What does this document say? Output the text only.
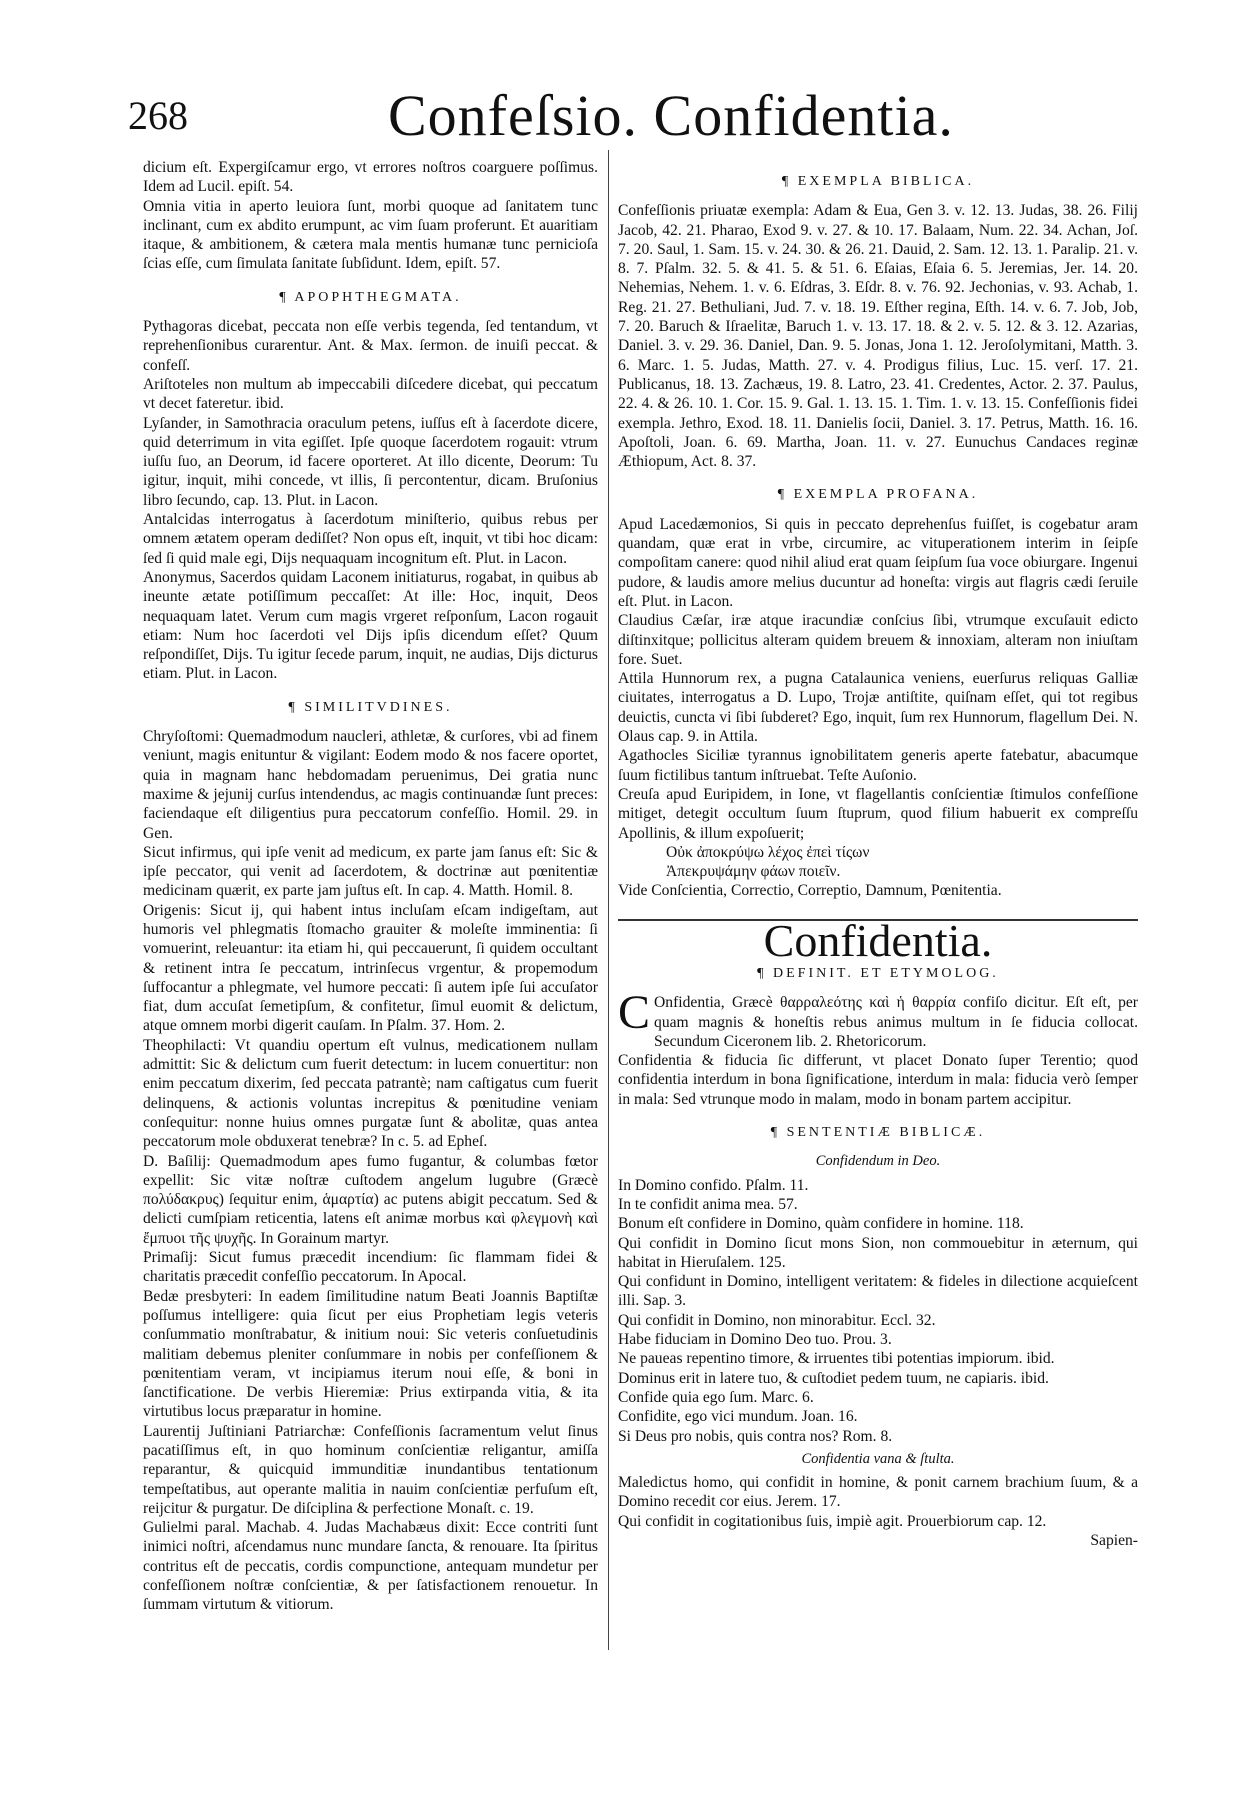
268	Confeſsio. Confidentia.

dicium eſt. Expergiſcamur ergo, vt errores noſtros coarguere poſſimus. Idem ad Lucil. epiſt. 54.

Omnia vitia in aperto leuiora ſunt, morbi quoque ad ſanitatem tunc inclinant, cum ex abdito erumpunt, ac vim ſuam proferunt. Et auaritiam itaque, & ambitionem, & cætera mala mentis humanæ tunc pernicioſa ſcias eſſe, cum ſimulata ſanitate ſubſidunt. Idem, epiſt. 57.

¶ APOPHTHEGMATA.

Pythagoras dicebat, peccata non eſſe verbis tegenda, ſed tentandum, vt reprehenſionibus curarentur. Ant. & Max. ſermon. de inuiſi peccat. & confeſſ.

Ariſtoteles non multum ab impeccabili diſcedere dicebat, qui peccatum vt decet fateretur. ibid.

Lyſander, in Samothracia oraculum petens, iuſſus eſt à ſacerdote dicere, quid deterrimum in vita egiſſet. Ipſe quoque ſacerdotem rogauit: vtrum iuſſu ſuo, an Deorum, id facere oporteret. At illo dicente, Deorum: Tu igitur, inquit, mihi concede, vt illis, ſi percontentur, dicam. Bruſonius libro ſecundo, cap. 13. Plut. in Lacon.

Antalcidas interrogatus à ſacerdotum miniſterio, quibus rebus per omnem ætatem operam dediſſet? Non opus eſt, inquit, vt tibi hoc dicam: ſed ſi quid male egi, Dijs nequaquam incognitum eſt. Plut. in Lacon.

Anonymus, Sacerdos quidam Laconem initiaturus, rogabat, in quibus ab ineunte ætate potiſſimum peccaſſet: At ille: Hoc, inquit, Deos nequaquam latet. Verum cum magis vrgeret reſponſum, Lacon rogauit etiam: Num hoc ſacerdoti vel Dijs ipſis dicendum eſſet? Quum reſpondiſſet, Dijs. Tu igitur ſecede parum, inquit, ne audias, Dijs dicturus etiam. Plut. in Lacon.

¶ SIMILITVDINES.

Chryſoſtomi: Quemadmodum naucleri, athletæ, & curſores, vbi ad finem veniunt, magis enituntur & vigilant: Eodem modo & nos facere oportet, quia in magnam hanc hebdomadam peruenimus, Dei gratia nunc maxime & jejunij curſus intendendus, ac magis continuandæ ſunt preces: faciendaque eſt diligentius pura peccatorum confeſſio. Homil. 29. in Gen.

Sicut infirmus, qui ipſe venit ad medicum, ex parte jam ſanus eſt: Sic & ipſe peccator, qui venit ad ſacerdotem, & doctrinæ aut pœnitentiæ medicinam quærit, ex parte jam juſtus eſt. In cap. 4. Matth. Homil. 8.

Origenis: Sicut ij, qui habent intus incluſam eſcam indigeſtam, aut humoris vel phlegmatis ſtomacho grauiter & moleſte imminentia: ſi vomuerint, releuantur: ita etiam hi, qui peccauerunt, ſi quidem occultant & retinent intra ſe peccatum, intrinſecus vrgentur, & propemodum ſuffocantur a phlegmate, vel humore peccati: ſi autem ipſe ſui accuſator fiat, dum accuſat ſemetipſum, & confitetur, ſimul euomit & delictum, atque omnem morbi digerit cauſam. In Pſalm. 37. Hom. 2.

Theophilacti: Vt quandiu opertum eſt vulnus, medicationem nullam admittit: Sic & delictum cum fuerit detectum: in lucem conuertitur: non enim peccatum dixerim, ſed peccata patrantè; nam caſtigatus cum fuerit delinquens, & actionis voluntas increpitus & pœnitudine veniam conſequitur: nonne huius omnes purgatæ ſunt & abolitæ, quas antea peccatorum mole obduxerat tenebræ? In c. 5. ad Epheſ.

D. Baſilij: Quemadmodum apes fumo fugantur, & columbas fœtor expellit: Sic vitæ noſtræ cuſtodem angelum lugubre (Græcè πολύδακρυς) ſequitur enim, ἁμαρτία) ac putens abigit peccatum. Sed & delicti cumſpiam reticentia, latens eſt animæ morbus καὶ φλεγμονὴ καὶ ἔμπυοι τῆς ψυχῆς. In Gorainum martyr.

Primaſij: Sicut fumus præcedit incendium: ſic flammam fidei & charitatis præcedit confeſſio peccatorum. In Apocal.

Bedæ presbyteri: In eadem ſimilitudine natum Beati Joannis Baptiſtæ poſſumus intelligere: quia ſicut per eius Prophetiam legis veteris conſummatio monſtrabatur, & initium noui: Sic veteris conſuetudinis malitiam debemus pleniter conſummare in nobis per confeſſionem & pœnitentiam veram, vt incipiamus iterum noui eſſe, & boni in ſanctificatione. De verbis Hieremiæ: Prius extirpanda vitia, & ita virtutibus locus præparatur in homine.

Laurentij Juſtiniani Patriarchæ: Confeſſionis ſacramentum velut ſinus pacatiſſimus eſt, in quo hominum conſcientiæ religantur, amiſſa reparantur, & quicquid immunditiæ inundantibus tentationum tempeſtatibus, aut operante malitia in nauim conſcientiæ perfuſum eſt, reijcitur & purgatur. De diſciplina & perfectione Monaſt. c. 19.

Gulielmi paral. Machab. 4. Judas Machabæus dixit: Ecce contriti ſunt inimici noſtri, aſcendamus nunc mundare ſancta, & renouare. Ita ſpiritus contritus eſt de peccatis, cordis compunctione, antequam mundetur per confeſſionem noſtræ conſcientiæ, & per ſatisfactionem renouetur. In ſummam virtutum & vitiorum.

¶ EXEMPLA BIBLICA.

Confeſſionis priuatæ exempla: Adam & Eua, Gen 3. v. 12. 13. Judas, 38. 26. Filij Jacob, 42. 21. Pharao, Exod 9. v. 27. & 10. 17. Balaam, Num. 22. 34. Achan, Joſ. 7. 20. Saul, 1. Sam. 15. v. 24. 30. & 26. 21. Dauid, 2. Sam. 12. 13. 1. Paralip. 21. v. 8. 7. Pſalm. 32. 5. & 41. 5. & 51. 6. Eſaias, Eſaia 6. 5. Jeremias, Jer. 14. 20. Nehemias, Nehem. 1. v. 6. Eſdras, 3. Eſdr. 8. v. 76. 92. Jechonias, v. 93. Achab, 1. Reg. 21. 27. Bethuliani, Jud. 7. v. 18. 19. Eſther regina, Eſth. 14. v. 6. 7. Job, Job, 7. 20. Baruch & Iſraelitæ, Baruch 1. v. 13. 17. 18. & 2. v. 5. 12. & 3. 12. Azarias, Daniel. 3. v. 29. 36. Daniel, Dan. 9. 5. Jonas, Jona 1. 12. Jeroſolymitani, Matth. 3. 6. Marc. 1. 5. Judas, Matth. 27. v. 4. Prodigus filius, Luc. 15. verſ. 17. 21. Publicanus, 18. 13. Zachæus, 19. 8. Latro, 23. 41. Credentes, Actor. 2. 37. Paulus, 22. 4. & 26. 10. 1. Cor. 15. 9. Gal. 1. 13. 15. 1. Tim. 1. v. 13. 15. Confeſſionis fidei exempla. Jethro, Exod. 18. 11. Danielis ſocii, Daniel. 3. 17. Petrus, Matth. 16. 16. Apoſtoli, Joan. 6. 69. Martha, Joan. 11. v. 27. Eunuchus Candaces reginæ Æthiopum, Act. 8. 37.

¶ EXEMPLA PROFANA.

Apud Lacedæmonios, Si quis in peccato deprehenſus fuiſſet, is cogebatur aram quandam, quæ erat in vrbe, circumire, ac vituperationem interim in ſeipſe compoſitam canere: quod nihil aliud erat quam ſeipſum ſua voce obiurgare. Ingenui pudore, & laudis amore melius ducuntur ad honeſta: virgis aut flagris cædi ſeruile eſt. Plut. in Lacon.

Claudius Cæſar, iræ atque iracundiæ conſcius ſibi, vtrumque excuſauit edicto diſtinxitque; pollicitus alteram quidem breuem & innoxiam, alteram non iniuſtam fore. Suet.

Attila Hunnorum rex, a pugna Catalaunica veniens, euerſurus reliquas Galliæ ciuitates, interrogatus a D. Lupo, Trojæ antiſtite, quiſnam eſſet, qui tot regibus deuictis, cuncta vi ſibi ſubderet? Ego, inquit, ſum rex Hunnorum, flagellum Dei. N. Olaus cap. 9. in Attila.

Agathocles Siciliæ tyrannus ignobilitatem generis aperte fatebatur, abacumque ſuum fictilibus tantum inſtruebat. Teſte Auſonio.

Creuſa apud Euripidem, in Ione, vt flagellantis conſcientiæ ſtimulos confeſſione mitiget, detegit occultum ſuum ſtuprum, quod filium habuerit ex compreſſu Apollinis, & illum expoſuerit;

Οὐκ ἀποκρύψω λέχος ἐπεὶ τίςων

Ἀπεκρυψάμην φάων ποιεῖν.

Vide Conſcientia, Correctio, Correptio, Damnum, Pœnitentia.

Confidentia.
¶ DEFINIT. ET ETYMOLOG.

C Onfidentia, Græcè θαρραλεότης καὶ ἡ θαρρία confiſo dicitur. Eſt eſt, per quam magnis & honeſtis rebus animus multum in ſe fiducia collocat. Secundum Ciceronem lib. 2. Rhetoricorum.

Confidentia & fiducia ſic differunt, vt placet Donato ſuper Terentio; quod confidentia interdum in bona ſignificatione, interdum in mala: fiducia verò ſemper in mala: Sed vtrunque modo in malam, modo in bonam partem accipitur.

¶ SENTENTIÆ BIBLICÆ.
Confidendum in Deo.

In Domino confido. Pſalm. 11.

In te confidit anima mea. 57.

Bonum eſt confidere in Domino, quàm confidere in homine. 118.

Qui confidit in Domino ſicut mons Sion, non commouebitur in æternum, qui habitat in Hieruſalem. 125.

Qui confidunt in Domino, intelligent veritatem: & fideles in dilectione acquieſcent illi. Sap. 3.

Qui confidit in Domino, non minorabitur. Eccl. 32.

Habe fiduciam in Domino Deo tuo. Prou. 3.

Ne paueas repentino timore, & irruentes tibi potentias impiorum. ibid.

Dominus erit in latere tuo, & cuſtodiet pedem tuum, ne capiaris. ibid.

Confide quia ego ſum. Marc. 6.

Confidite, ego vici mundum. Joan. 16.

Si Deus pro nobis, quis contra nos? Rom. 8.

Confidentia vana & ſtulta.

Maledictus homo, qui confidit in homine, & ponit carnem brachium ſuum, & a Domino recedit cor eius. Jerem. 17.

Qui confidit in cogitationibus ſuis, impiè agit. Prouerbiorum cap. 12.

Sapien-
